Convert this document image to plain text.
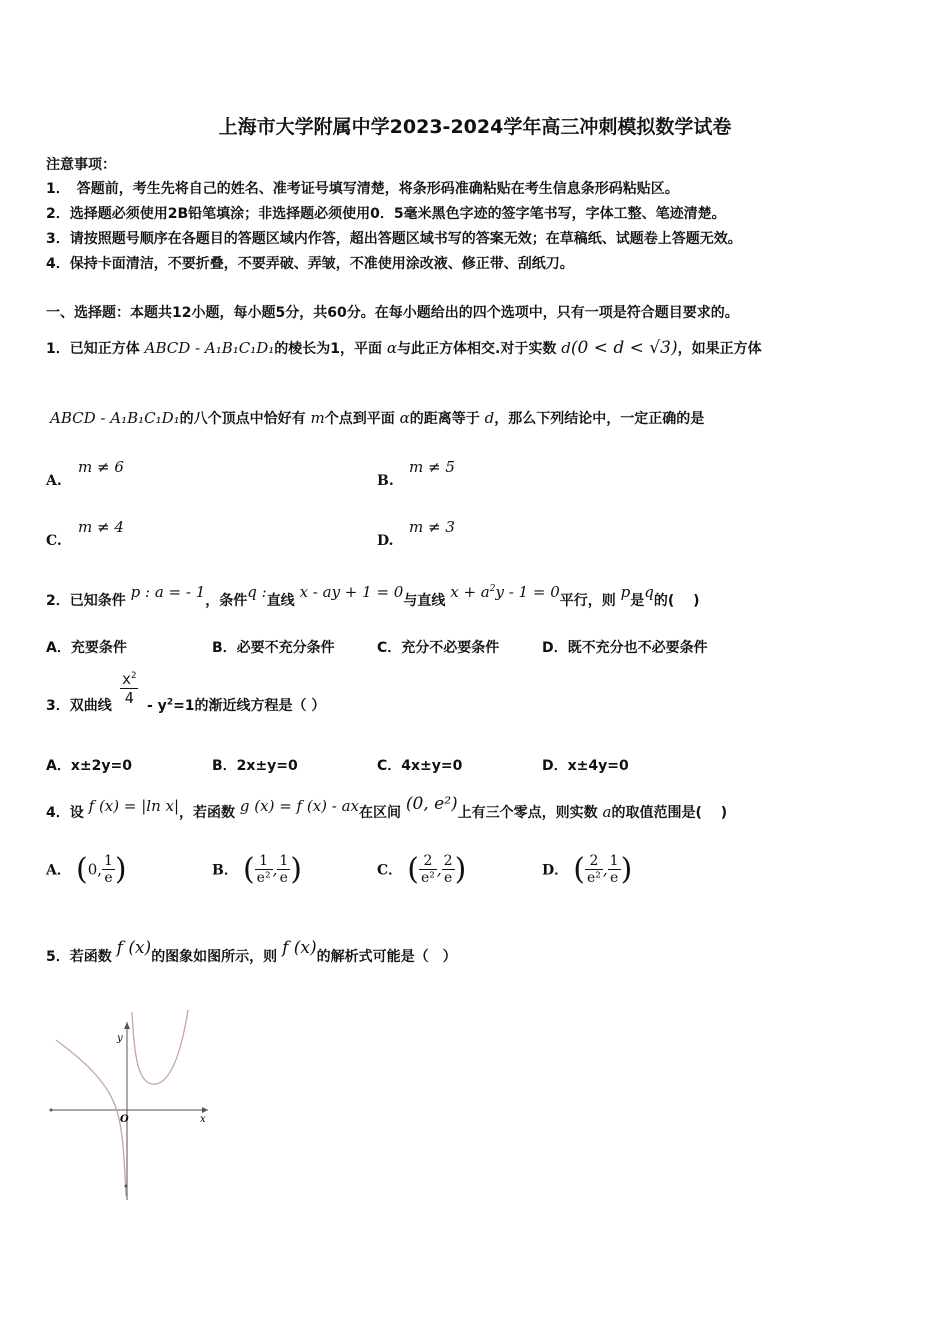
上海市大学附属中学2023-2024学年高三冲刺模拟数学试卷
注意事项：
1．　答题前，考生先将自己的姓名、准考证号填写清楚，将条形码准确粘贴在考生信息条形码粘贴区。
2．选择题必须使用2B铅笔填涂；非选择题必须使用0．5毫米黑色字迹的签字笔书写，字体工整、笔迹清楚。
3．请按照题号顺序在各题目的答题区域内作答，超出答题区域书写的答案无效；在草稿纸、试题卷上答题无效。
4．保持卡面清洁，不要折叠，不要弄破、弄皱，不准使用涂改液、修正带、刮纸刀。
一、选择题：本题共12小题，每小题5分，共60分。在每小题给出的四个选项中，只有一项是符合题目要求的。
1．已知正方体 ABCD - A₁B₁C₁D₁的棱长为1，平面 α与此正方体相交.对于实数 d(0 < d < √3)，如果正方体
ABCD - A₁B₁C₁D₁的八个顶点中恰好有 m个点到平面 α的距离等于 d，那么下列结论中，一定正确的是
A.
m ≠ 6
B.
m ≠ 5
C.
m ≠ 4
D.
m ≠ 3
2．已知条件 p : a = - 1，条件q :直线 x - ay + 1 = 0与直线 $x + a^2y - 1 = 0$平行，则 p是q的(　 )
A．充要条件	B．必要不充分条件	C．充分不必要条件	D．既不充分也不必要条件
3．双曲线 $\frac{x^2}{4} - y^2=1$的渐近线方程是（ ）
A．x±2y=0	B．2x±y=0	C．4x±y=0	D．x±4y=0
4．设 f (x) = |ln x|，若函数 g (x) = f (x) - ax在区间 (0, e²)上有三个零点，则实数 a的取值范围是(　 )
A． (0, $\frac{1}{e}$ )	B． ( $\frac{1}{\text{e²}}$ , $\frac{1}{e}$ )	C． ( $\frac{2}{\text{e²}}$ , $\frac{2}{e}$ )	D． ( $\frac{2}{\text{e²}}$ , $\frac{1}{e}$ )
5．若函数 f (x)的图象如图所示，则 f (x)的解析式可能是（　）
x
y
O
